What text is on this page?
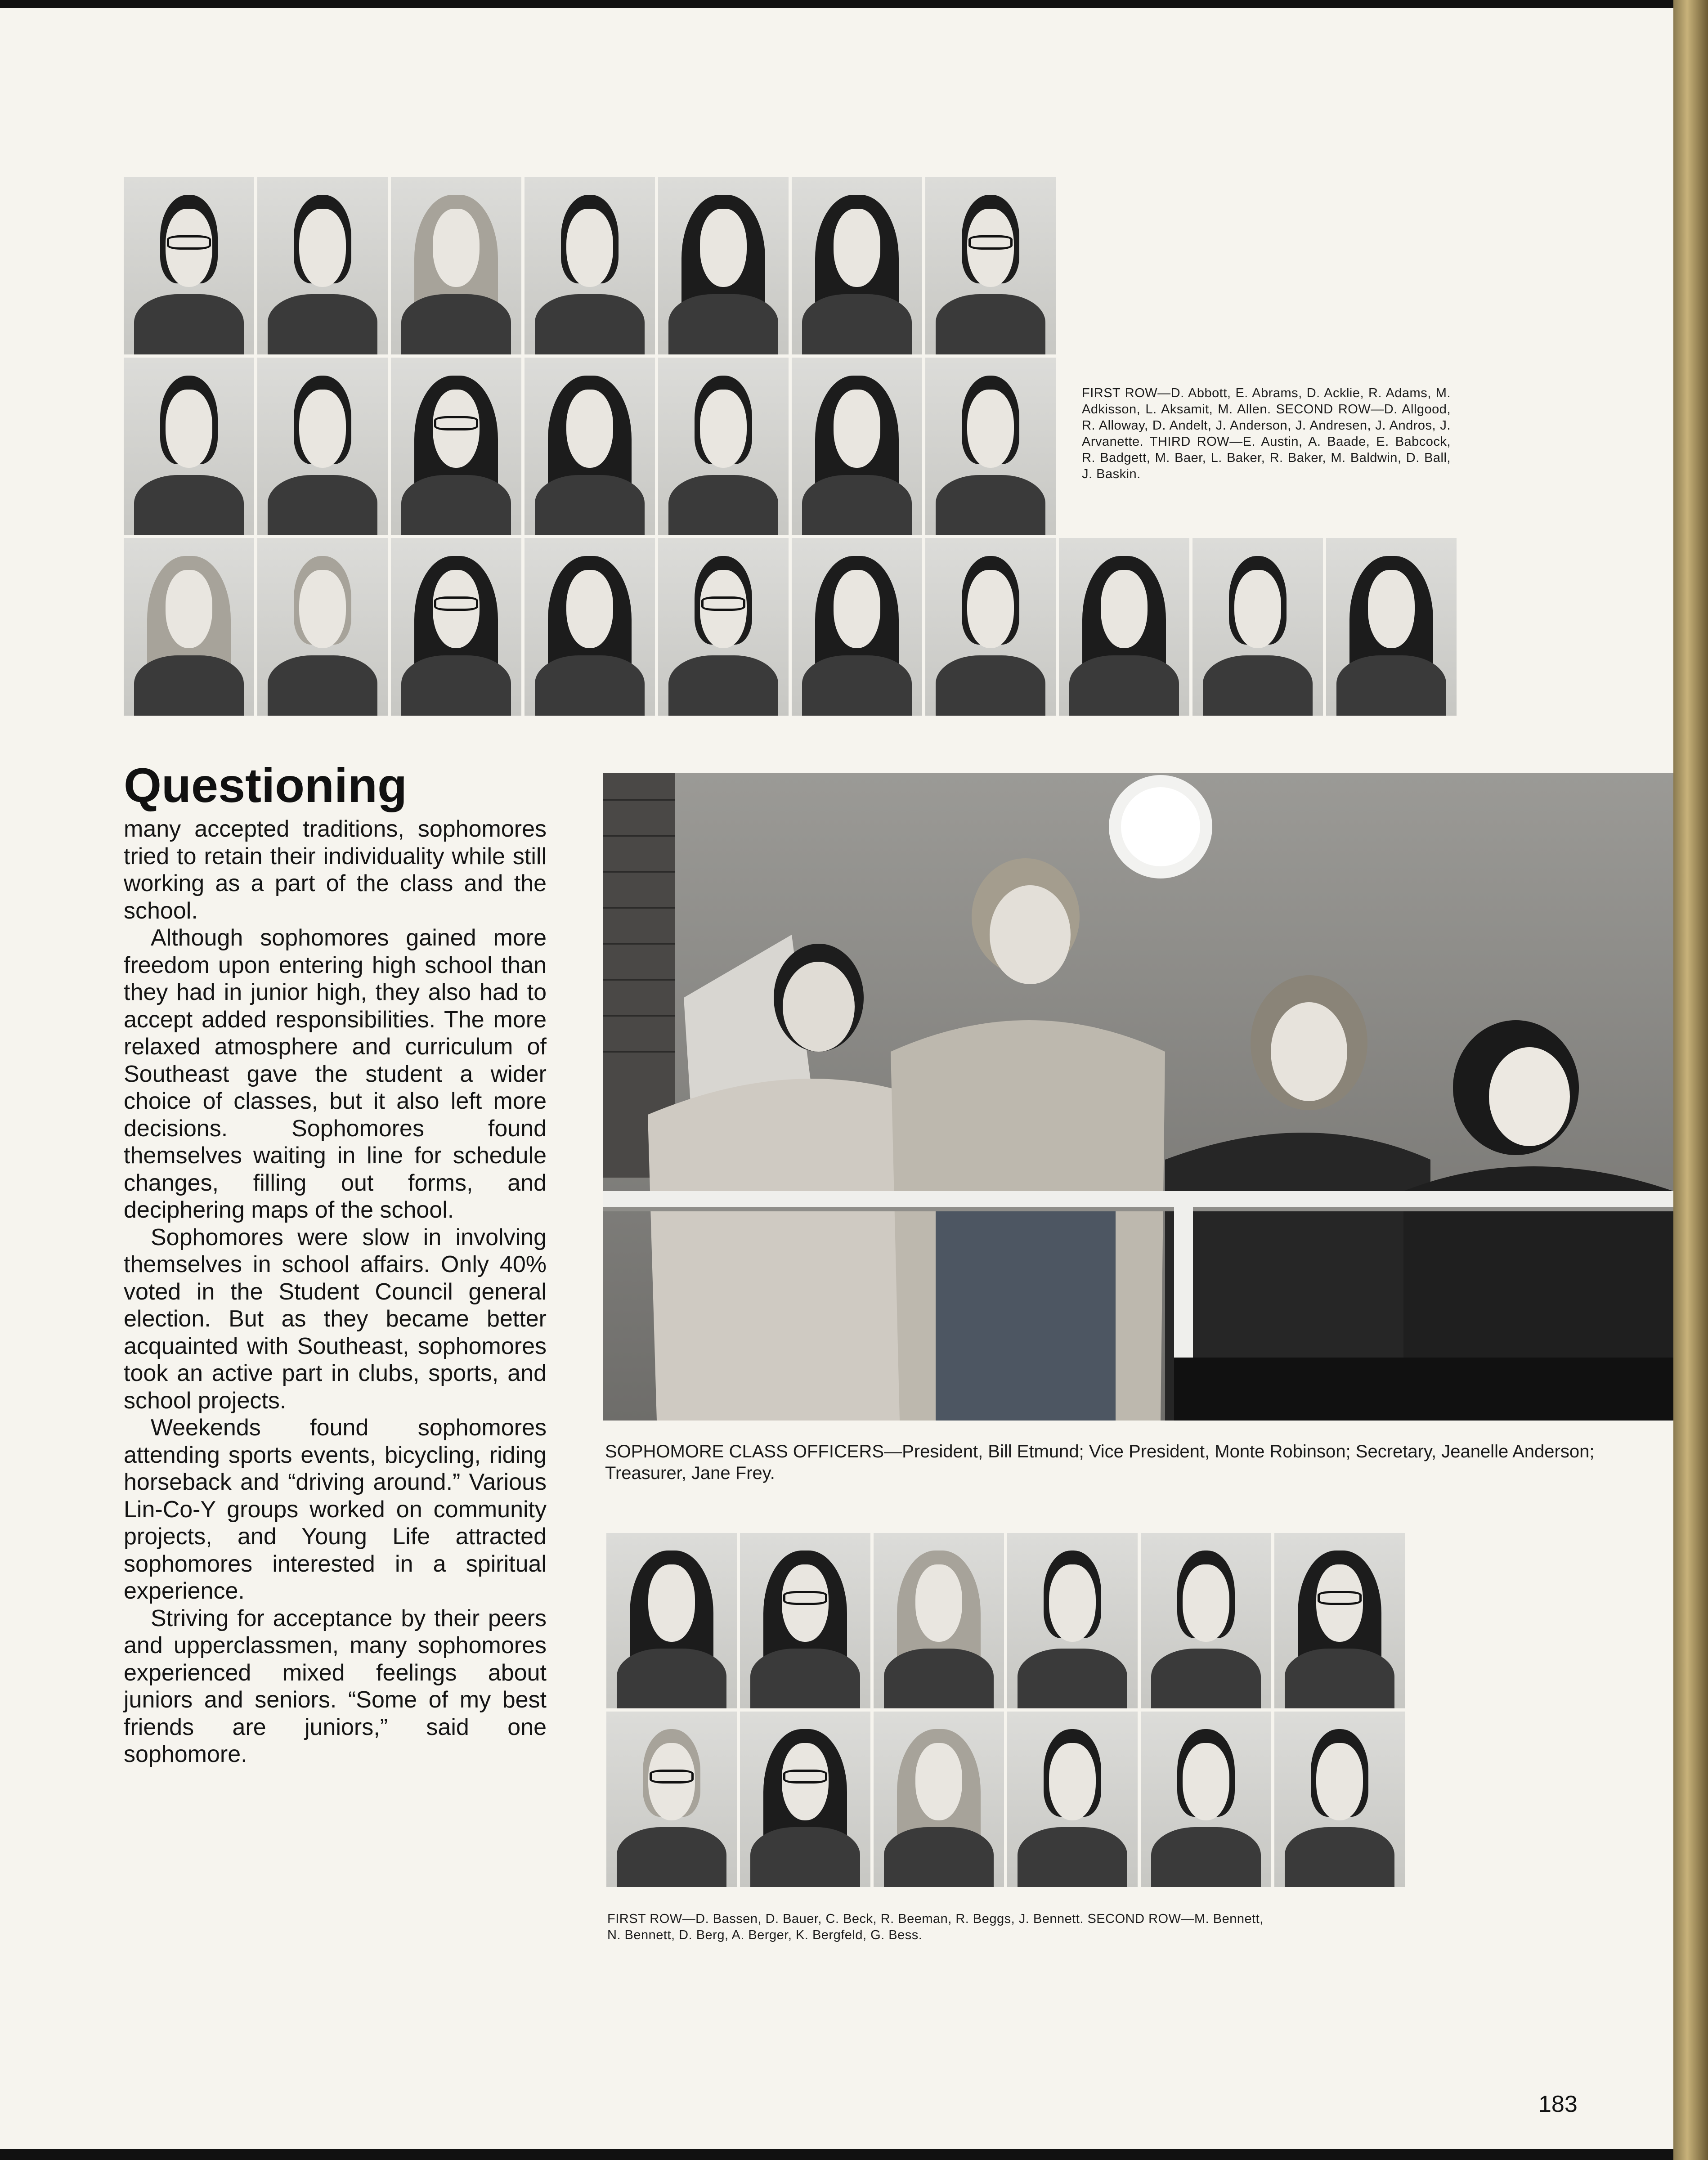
FIRST ROW—D. Abbott, E. Abrams, D. Acklie, R. Adams, M. Adkisson, L. Aksamit, M. Allen. SECOND ROW—D. Allgood, R. Alloway, D. Andelt, J. Anderson, J. Andresen, J. Andros, J. Arvanette. THIRD ROW—E. Austin, A. Baade, E. Babcock, R. Badgett, M. Baer, L. Baker, R. Baker, M. Baldwin, D. Ball, J. Baskin.
Questioning

many accepted traditions, sophomores tried to retain their individuality while still working as a part of the class and the school.

Although sophomores gained more freedom upon entering high school than they had in junior high, they also had to accept added responsibilities. The more relaxed atmosphere and curriculum of Southeast gave the student a wider choice of classes, but it also left more decisions. Sophomores found themselves waiting in line for schedule changes, filling out forms, and deciphering maps of the school.

Sophomores were slow in involving themselves in school affairs. Only 40% voted in the Student Council general election. But as they became better acquainted with Southeast, sophomores took an active part in clubs, sports, and school projects.

Weekends found sophomores attending sports events, bicycling, riding horseback and “driving around.” Various Lin-Co-Y groups worked on community projects, and Young Life attracted sophomores interested in a spiritual experience.

Striving for acceptance by their peers and upperclassmen, many sophomores experienced mixed feelings about juniors and seniors. “Some of my best friends are juniors,” said one sophomore.

SOPHOMORE CLASS OFFICERS—President, Bill Etmund; Vice President, Monte Robinson; Secretary, Jeanelle Anderson; Treasurer, Jane Frey.
FIRST ROW—D. Bassen, D. Bauer, C. Beck, R. Beeman, R. Beggs, J. Bennett. SECOND ROW—M. Bennett, N. Bennett, D. Berg, A. Berger, K. Bergfeld, G. Bess.
183
